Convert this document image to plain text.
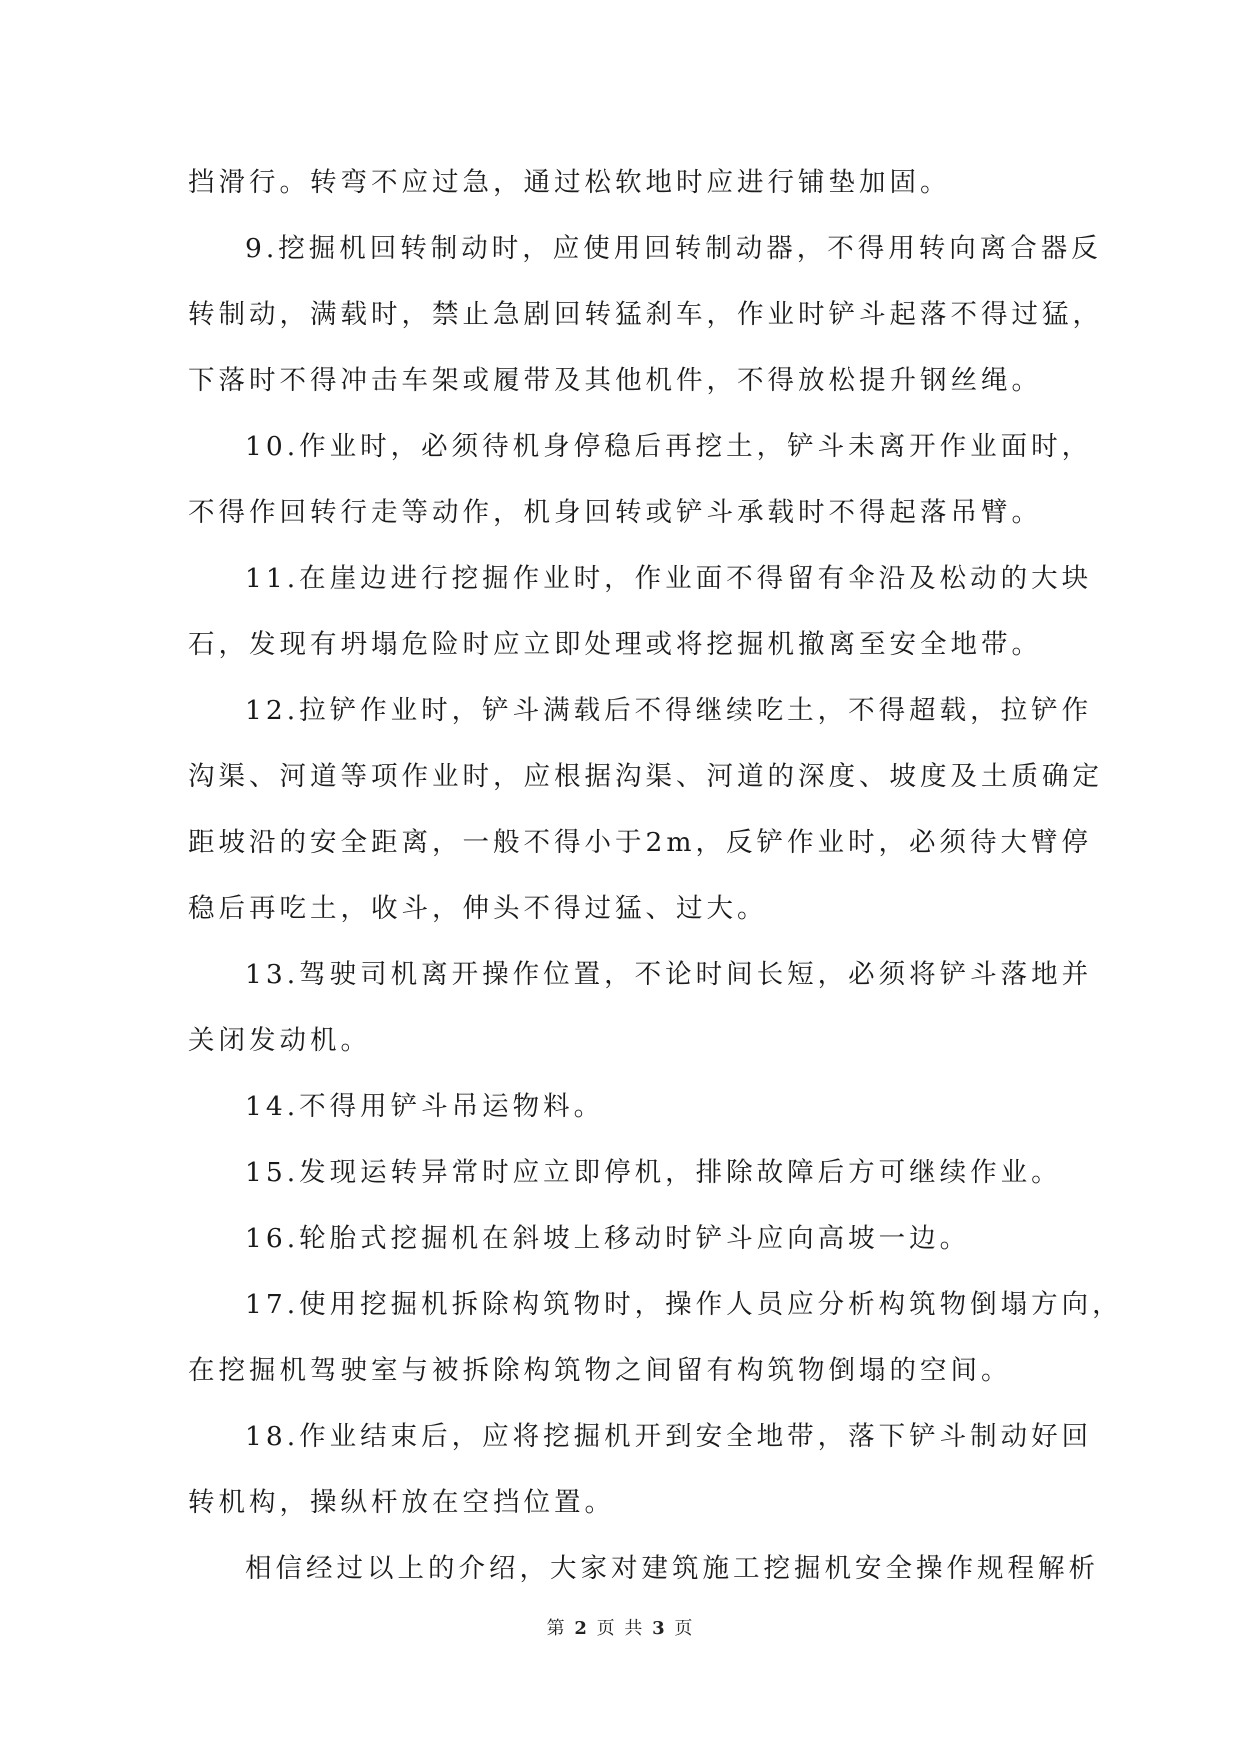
挡滑行。转弯不应过急，通过松软地时应进行铺垫加固。
9.挖掘机回转制动时，应使用回转制动器，不得用转向离合器反
转制动，满载时，禁止急剧回转猛刹车，作业时铲斗起落不得过猛，
下落时不得冲击车架或履带及其他机件，不得放松提升钢丝绳。
10.作业时，必须待机身停稳后再挖土，铲斗未离开作业面时，
不得作回转行走等动作，机身回转或铲斗承载时不得起落吊臂。
11.在崖边进行挖掘作业时，作业面不得留有伞沿及松动的大块
石，发现有坍塌危险时应立即处理或将挖掘机撤离至安全地带。
12.拉铲作业时，铲斗满载后不得继续吃土，不得超载，拉铲作
沟渠、河道等项作业时，应根据沟渠、河道的深度、坡度及土质确定
距坡沿的安全距离，一般不得小于2m，反铲作业时，必须待大臂停
稳后再吃土，收斗，伸头不得过猛、过大。
13.驾驶司机离开操作位置，不论时间长短，必须将铲斗落地并
关闭发动机。
14.不得用铲斗吊运物料。
15.发现运转异常时应立即停机，排除故障后方可继续作业。
16.轮胎式挖掘机在斜坡上移动时铲斗应向高坡一边。
17.使用挖掘机拆除构筑物时，操作人员应分析构筑物倒塌方向，
在挖掘机驾驶室与被拆除构筑物之间留有构筑物倒塌的空间。
18.作业结束后，应将挖掘机开到安全地带，落下铲斗制动好回
转机构，操纵杆放在空挡位置。
相信经过以上的介绍，大家对建筑施工挖掘机安全操作规程解析
第 2 页 共 3 页
